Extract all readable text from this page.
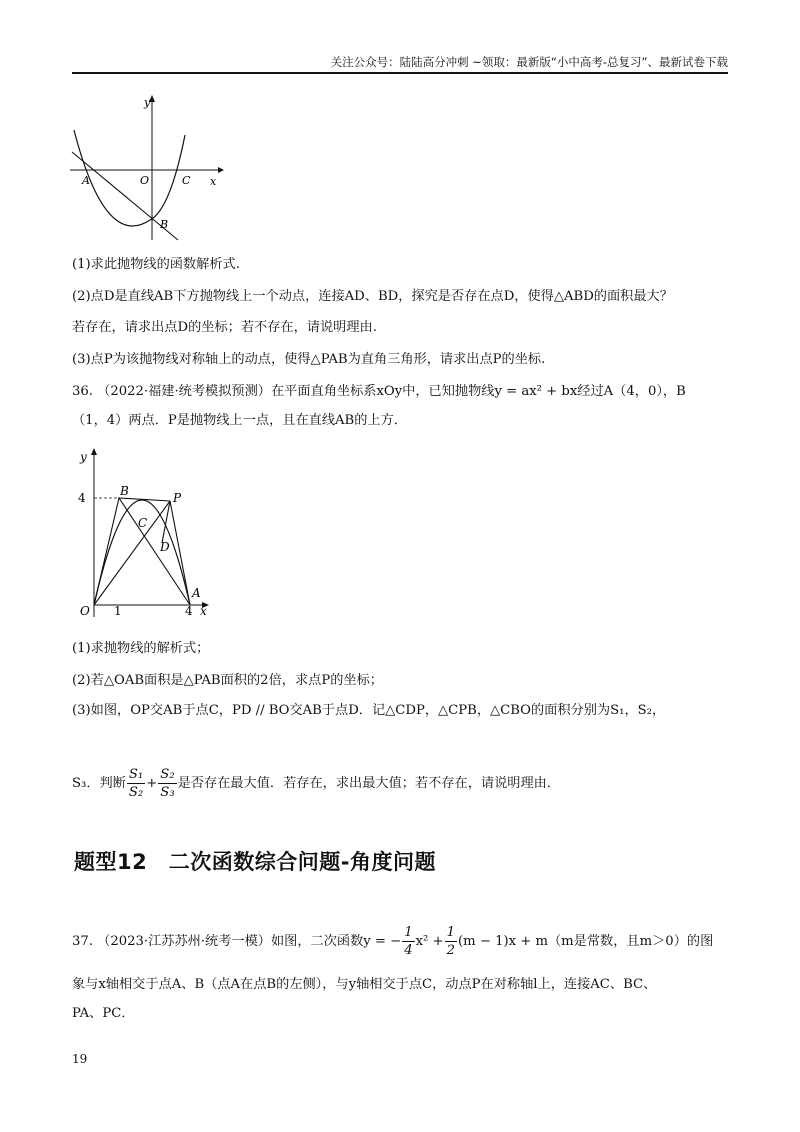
关注公众号：陆陆高分冲刺 ~领取：最新版“小中高考-总复习”、最新试卷下载
y
x
O
A	C
B
(1)求此抛物线的函数解析式.
(2)点D是直线AB下方抛物线上一个动点，连接AD、BD，探究是否存在点D，使得△ABD的面积最大？
若存在，请求出点D的坐标；若不存在，请说明理由.
(3)点P为该抛物线对称轴上的动点，使得△PAB为直角三角形，请求出点P的坐标.
36. （2022·福建·统考模拟预测）在平面直角坐标系xOy中，已知抛物线y = ax² + bx经过A（4，0），B
（1，4）两点．P是抛物线上一点，且在直线AB的上方．
y
4	B	P
C
D
A
O 1	4 x
(1)求抛物线的解析式；
(2)若△OAB面积是△PAB面积的2倍，求点P的坐标；
(3)如图，OP交AB于点C，PD // BO交AB于点D．记△CDP，△CPB，△CBO的面积分别为S₁，S₂，
S₃．判断 $\frac{\text{S₁}}{\text{S₂}} + \frac{\text{S₂}}{\text{S₃}}$ 是否存在最大值．若存在，求出最大值；若不存在，请说明理由．
题型12　二次函数综合问题-角度问题
37. （2023·江苏苏州·统考一模）如图，二次函数y = − $\frac{1}{4} x^2 + \frac{1}{2} (m - 1)x + m(m$是常数，且m＞0）的图
象与x轴相交于点A、B（点A在点B的左侧），与y轴相交于点C，动点P在对称轴l上，连接AC、BC、
PA、PC．
19
